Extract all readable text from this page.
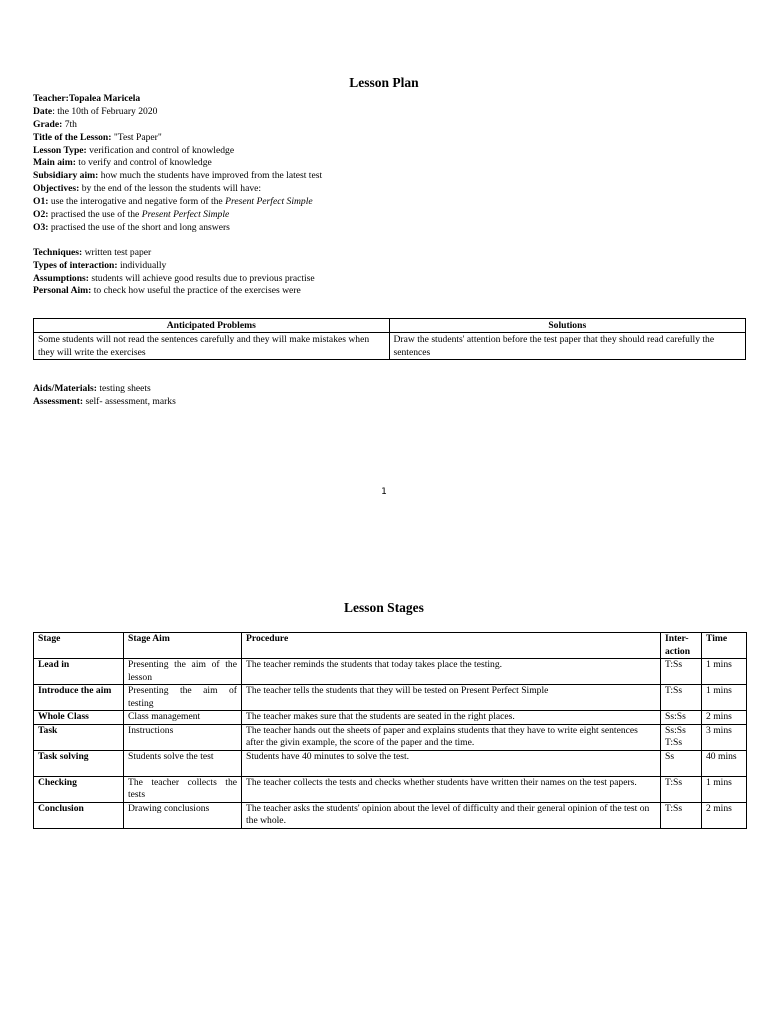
Lesson Plan
Teacher:Topalea Maricela
Date: the 10th of February 2020
Grade: 7th
Title of the Lesson: "Test Paper"
Lesson Type: verification and control of knowledge
Main aim: to verify and control of knowledge
Subsidiary aim: how much the students have improved from the latest test
Objectives: by the end of the lesson the students will have:
O1: use the interogative and negative form of the Present Perfect Simple
O2: practised the use of the Present Perfect Simple
O3: practised the use of the short and long answers
Techniques: written test paper
Types of interaction: individually
Assumptions: students will achieve good results due to previous practise
Personal Aim: to check how useful the practice of the exercises were
Anticipated Problems	Solutions
Some students will not read the sentences carefully and they will make mistakes when they will write the exercises	Draw the students' attention before the test paper that they should read carefully the sentences
Aids/Materials: testing sheets
Assessment: self- assessment, marks
1
Lesson Stages
Stage	Stage Aim	Procedure	Inter-action	Time
Lead in	Presenting the aim of the lesson	The teacher reminds the students that today takes place the testing.	T:Ss	1 mins
Introduce the aim	Presenting the aim of testing	The teacher tells the students that they will be tested on Present Perfect Simple	T:Ss	1 mins
Whole Class	Class management	The teacher makes sure that the students are seated in the right places.	Ss:Ss	2 mins
Task	Instructions	The teacher hands out the sheets of paper and explains students that they have to write eight sentences after the givin example, the score of the paper and the time.	Ss:Ss T:Ss	3 mins
Task solving	Students solve the test	Students have 40 minutes to solve the test.	Ss	40 mins
Checking	The teacher collects the tests	The teacher collects the tests and checks whether students have written their names on the test papers.	T:Ss	1 mins
Conclusion	Drawing conclusions	The teacher asks the students' opinion about the level of difficulty and their general opinion of the test on the whole.	T:Ss	2 mins
